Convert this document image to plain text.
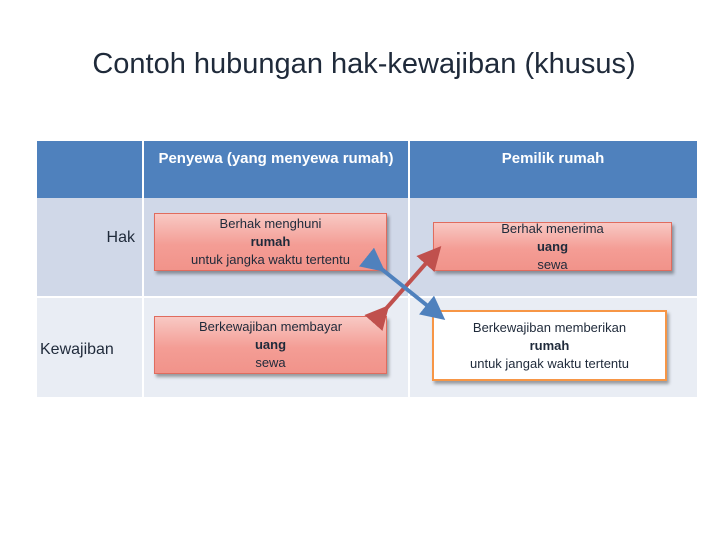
Contoh hubungan hak-kewajiban (khusus)
Penyewa (yang menyewa rumah)	Pemilik rumah
Hak
Kewajiban
Berhak menghuni
rumah
untuk jangka waktu tertentu
Berhak menerima
uang
sewa
Berkewajiban membayar
uang
sewa
Berkewajiban memberikan
rumah
untuk jangak waktu tertentu
